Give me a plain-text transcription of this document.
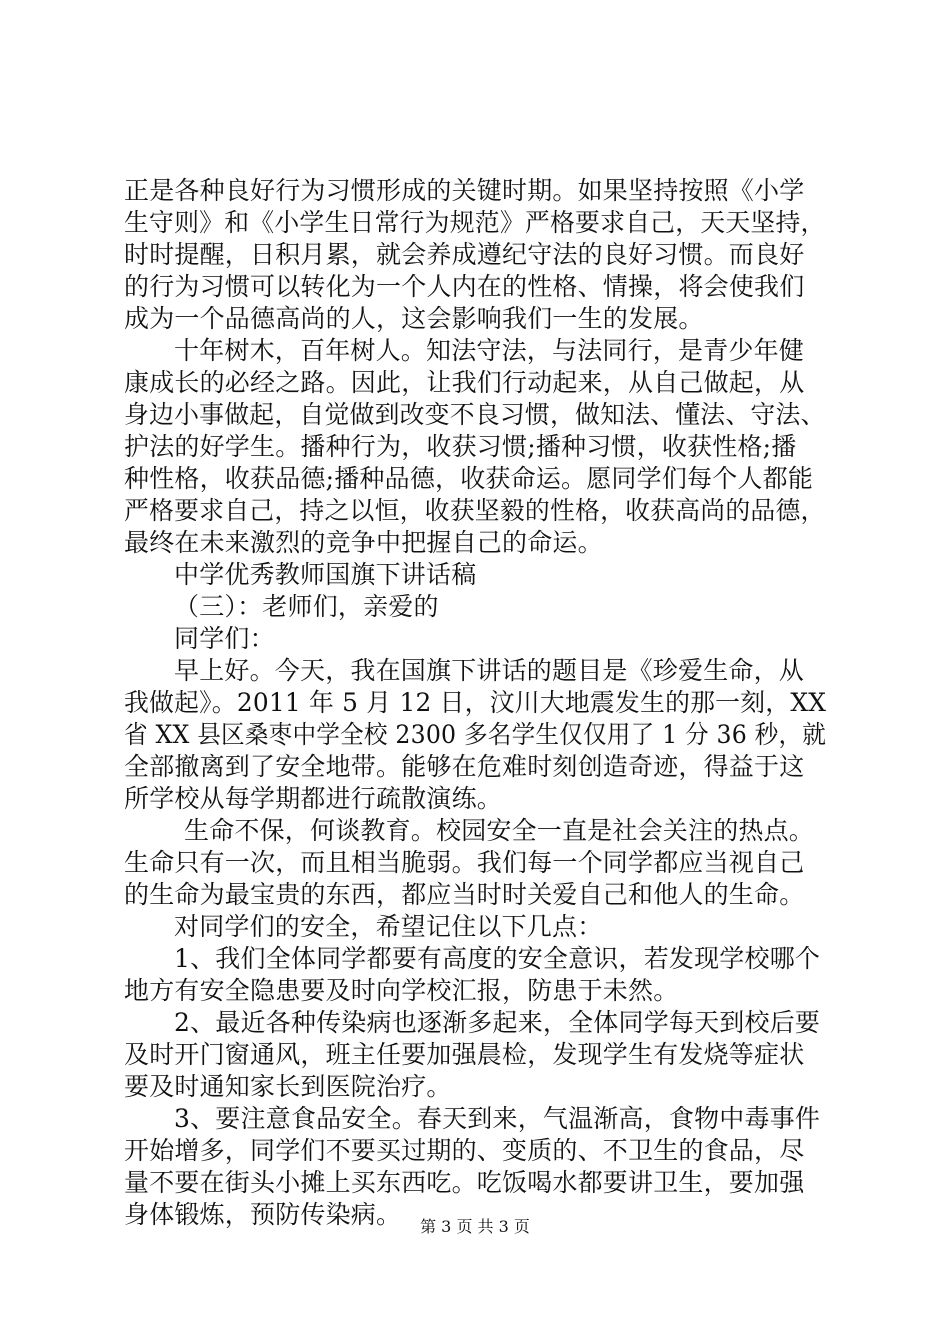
正是各种良好行为习惯形成的关键时期。如果坚持按照《小学
生守则》和《小学生日常行为规范》严格要求自己，天天坚持，
时时提醒，日积月累，就会养成遵纪守法的良好习惯。而良好
的行为习惯可以转化为一个人内在的性格、情操，将会使我们
成为一个品德高尚的人，这会影响我们一生的发展。
十年树木，百年树人。知法守法，与法同行，是青少年健
康成长的必经之路。因此，让我们行动起来，从自己做起，从
身边小事做起，自觉做到改变不良习惯，做知法、懂法、守法、
护法的好学生。播种行为，收获习惯;播种习惯，收获性格;播
种性格，收获品德;播种品德，收获命运。愿同学们每个人都能
严格要求自己，持之以恒，收获坚毅的性格，收获高尚的品德，
最终在未来激烈的竞争中把握自己的命运。
中学优秀教师国旗下讲话稿
（三）：老师们，亲爱的
同学们：
早上好。今天，我在国旗下讲话的题目是《珍爱生命，从
我做起》。2011 年 5 月 12 日，汶川大地震发生的那一刻，XX
省 XX 县区桑枣中学全校 2300 多名学生仅仅用了 1 分 36 秒，就
全部撤离到了安全地带。能够在危难时刻创造奇迹，得益于这
所学校从每学期都进行疏散演练。
生命不保，何谈教育。校园安全一直是社会关注的热点。
生命只有一次，而且相当脆弱。我们每一个同学都应当视自己
的生命为最宝贵的东西，都应当时时关爱自己和他人的生命。
对同学们的安全，希望记住以下几点：
1、我们全体同学都要有高度的安全意识，若发现学校哪个
地方有安全隐患要及时向学校汇报，防患于未然。
2、最近各种传染病也逐渐多起来，全体同学每天到校后要
及时开门窗通风，班主任要加强晨检，发现学生有发烧等症状
要及时通知家长到医院治疗。
3、要注意食品安全。春天到来，气温渐高，食物中毒事件
开始增多，同学们不要买过期的、变质的、不卫生的食品，尽
量不要在街头小摊上买东西吃。吃饭喝水都要讲卫生，要加强
身体锻炼，预防传染病。	第 3 页 共 3 页
